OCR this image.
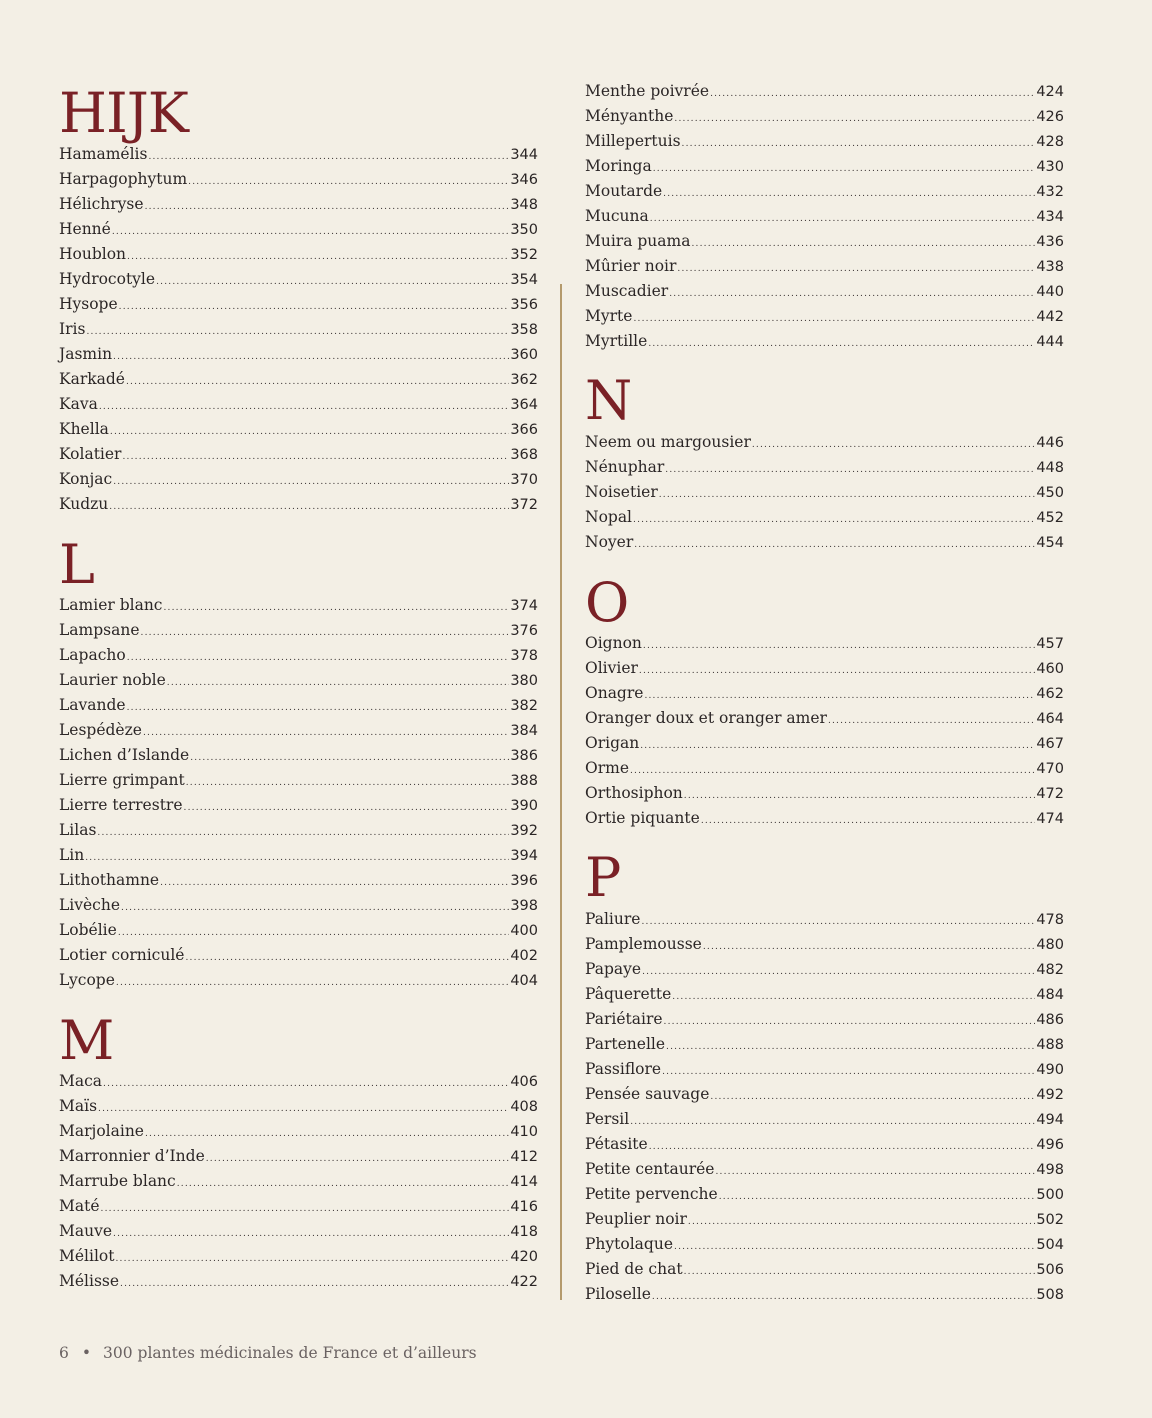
HIJK
Hamamélis .....	344
Harpagophytum .....	346
Hélichryse .....	348
Henné .....	350
Houblon .....	352
Hydrocotyle .....	354
Hysope .....	356
Iris .....	358
Jasmin .....	360
Karkadé .....	362
Kava .....	364
Khella .....	366
Kolatier .....	368
Konjac .....	370
Kudzu .....	372
L
Lamier blanc .....	374
Lampsane .....	376
Lapacho .....	378
Laurier noble .....	380
Lavande .....	382
Lespédèze .....	384
Lichen d’Islande .....	386
Lierre grimpant .....	388
Lierre terrestre .....	390
Lilas .....	392
Lin .....	394
Lithothamne .....	396
Livèche .....	398
Lobélie .....	400
Lotier corniculé .....	402
Lycope .....	404
M
Maca .....	406
Maïs .....	408
Marjolaine .....	410
Marronnier d’Inde .....	412
Marrube blanc .....	414
Maté .....	416
Mauve .....	418
Mélilot .....	420
Mélisse .....	422
Menthe poivrée .....	424
Ményanthe .....	426
Millepertuis .....	428
Moringa .....	430
Moutarde .....	432
Mucuna .....	434
Muira puama .....	436
Mûrier noir .....	438
Muscadier .....	440
Myrte .....	442
Myrtille .....	444
N
Neem ou margousier .....	446
Nénuphar .....	448
Noisetier .....	450
Nopal .....	452
Noyer .....	454
O
Oignon .....	457
Olivier .....	460
Onagre .....	462
Oranger doux et oranger amer .....	464
Origan .....	467
Orme .....	470
Orthosiphon .....	472
Ortie piquante .....	474
P
Paliure .....	478
Pamplemousse .....	480
Papaye .....	482
Pâquerette .....	484
Pariétaire .....	486
Partenelle .....	488
Passiflore .....	490
Pensée sauvage .....	492
Persil .....	494
Pétasite .....	496
Petite centaurée .....	498
Petite pervenche .....	500
Peuplier noir .....	502
Phytolaque .....	504
Pied de chat .....	506
Piloselle .....	508
6 • 300 plantes médicinales de France et d’ailleurs
